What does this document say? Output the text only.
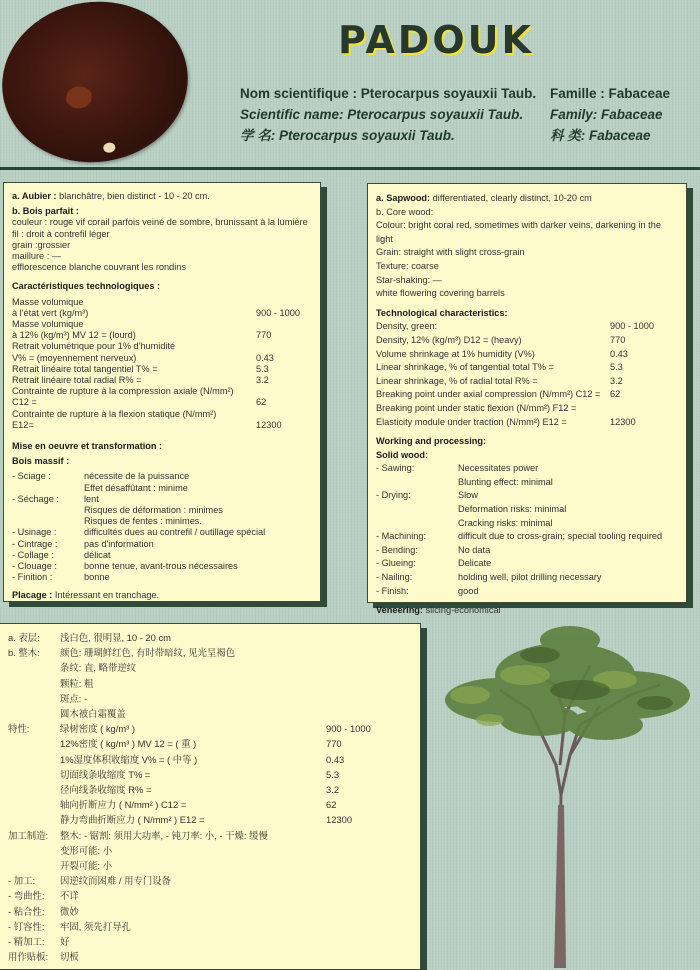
PADOUK
Nom scientifique : Pterocarpus soyauxii Taub.	Famille : Fabaceae
Scientific name: Pterocarpus soyauxii Taub.	Family: Fabaceae
学 名: Pterocarpus soyauxii Taub.	科 类: Fabaceae
a. Aubier : blanchâtre, bien distinct - 10 - 20 cm.
b. Bois parfait :
couleur : rouge vif corail parfois veiné de sombre, brunissant à la lumière
fil : droit à contrefil léger
grain :grossier
maillure : —
efflorescence blanche couvrant les rondins
Caractéristiques technologiques :
Masse volumique
à l'état vert (kg/m³)	900 - 1000
Masse volumique
à 12% (kg/m³) MV 12 = (lourd)	770
Retrait volumétrique pour 1% d'humidité
V% = (moyennement nerveux)	0.43
Retrait linéaire total tangentiel T% =	5.3
Retrait linéaire total radial R% =	3.2
Contrainte de rupture à la compression axiale (N/mm²)
C12 =	62
Contrainte de rupture à la flexion statique (N/mm²)
E12=	12300
Mise en oeuvre et transformation :
Bois massif :
- Sciage :	nécessite de la puissance
Effet désaffûtant : minime
- Séchage :	lent
Risques de déformation : minimes
Risques de fentes : minimes.
- Usinage :	difficultés dues au contrefil / outillage spécial
- Cintrage :	pas d'information
- Collage :	délicat
- Clouage :	bonne tenue, avant-trous nécessaires
- Finition :	bonne
Placage : Intéressant en tranchage.
a. Sapwood: differentiated, clearly distinct, 10-20 cm
b. Core wood:
Colour: bright coral red, sometimes with darker veins, darkening in the light
Grain: straight with slight cross-grain
Texture: coarse
Star-shaking: —
white flowering covering barrels
Technological characteristics:
Density, green:	900 - 1000
Density, 12% (kg/m³) D12 = (heavy)	770
Volume shrinkage at 1% humidity (V%)	0.43
Linear shrinkage, % of tangential total T% =	5.3
Linear shrinkage, % of radial total R% =	3.2
Breaking point under axial compression (N/mm²) C12 =	62
Breaking point under static flexion (N/mm²) F12 =
Elasticity module under traction (N/mm²) E12 =	12300
Working and processing:
Solid wood:
- Sawing:	Necessitates power
Blunting effect: minimal
- Drying:	Slow
Deformation risks: minimal
Cracking risks: minimal
- Machining:	difficult due to cross-grain; special tooling required
- Bending:	No data
- Glueing:	Delicate
- Nailing:	holding well, pilot drilling necessary
- Finish:	good
Veneering: slicing-economical
a. 表层:	浅白色, 很明显, 10 - 20 cm
b. 整木:	颜色: 珊瑚鲜红色, 有时带暗纹, 见光呈褐色
条纹: 直, 略带逆纹
颗粒: 粗
斑点: -
圆木被白霜覆盖
特性:	绿树密度 ( kg/m³ )	900 - 1000
12%密度 ( kg/m³ ) MV 12 = ( 重 )	770
1%湿度体积收缩度 V% = ( 中等 )	0.43
切面线条收缩度 T% =	5.3
径向线条收缩度 R% =	3.2
轴向折断应力 ( N/mm² ) C12 =	62
静力弯曲折断应力 ( N/mm² ) E12 =	12300
加工制造:	整木: - 锯割: 须用大功率, - 钝刀率: 小, - 干燥: 缓慢
变形可能: 小
开裂可能: 小
- 加工:	因逆纹而困难 / 用专门设备
- 弯曲性:	不详
- 粘合性:	微妙
- 钉容性:	牢固, 须先打导孔
- 精加工:	好
用作贴板:	切板
